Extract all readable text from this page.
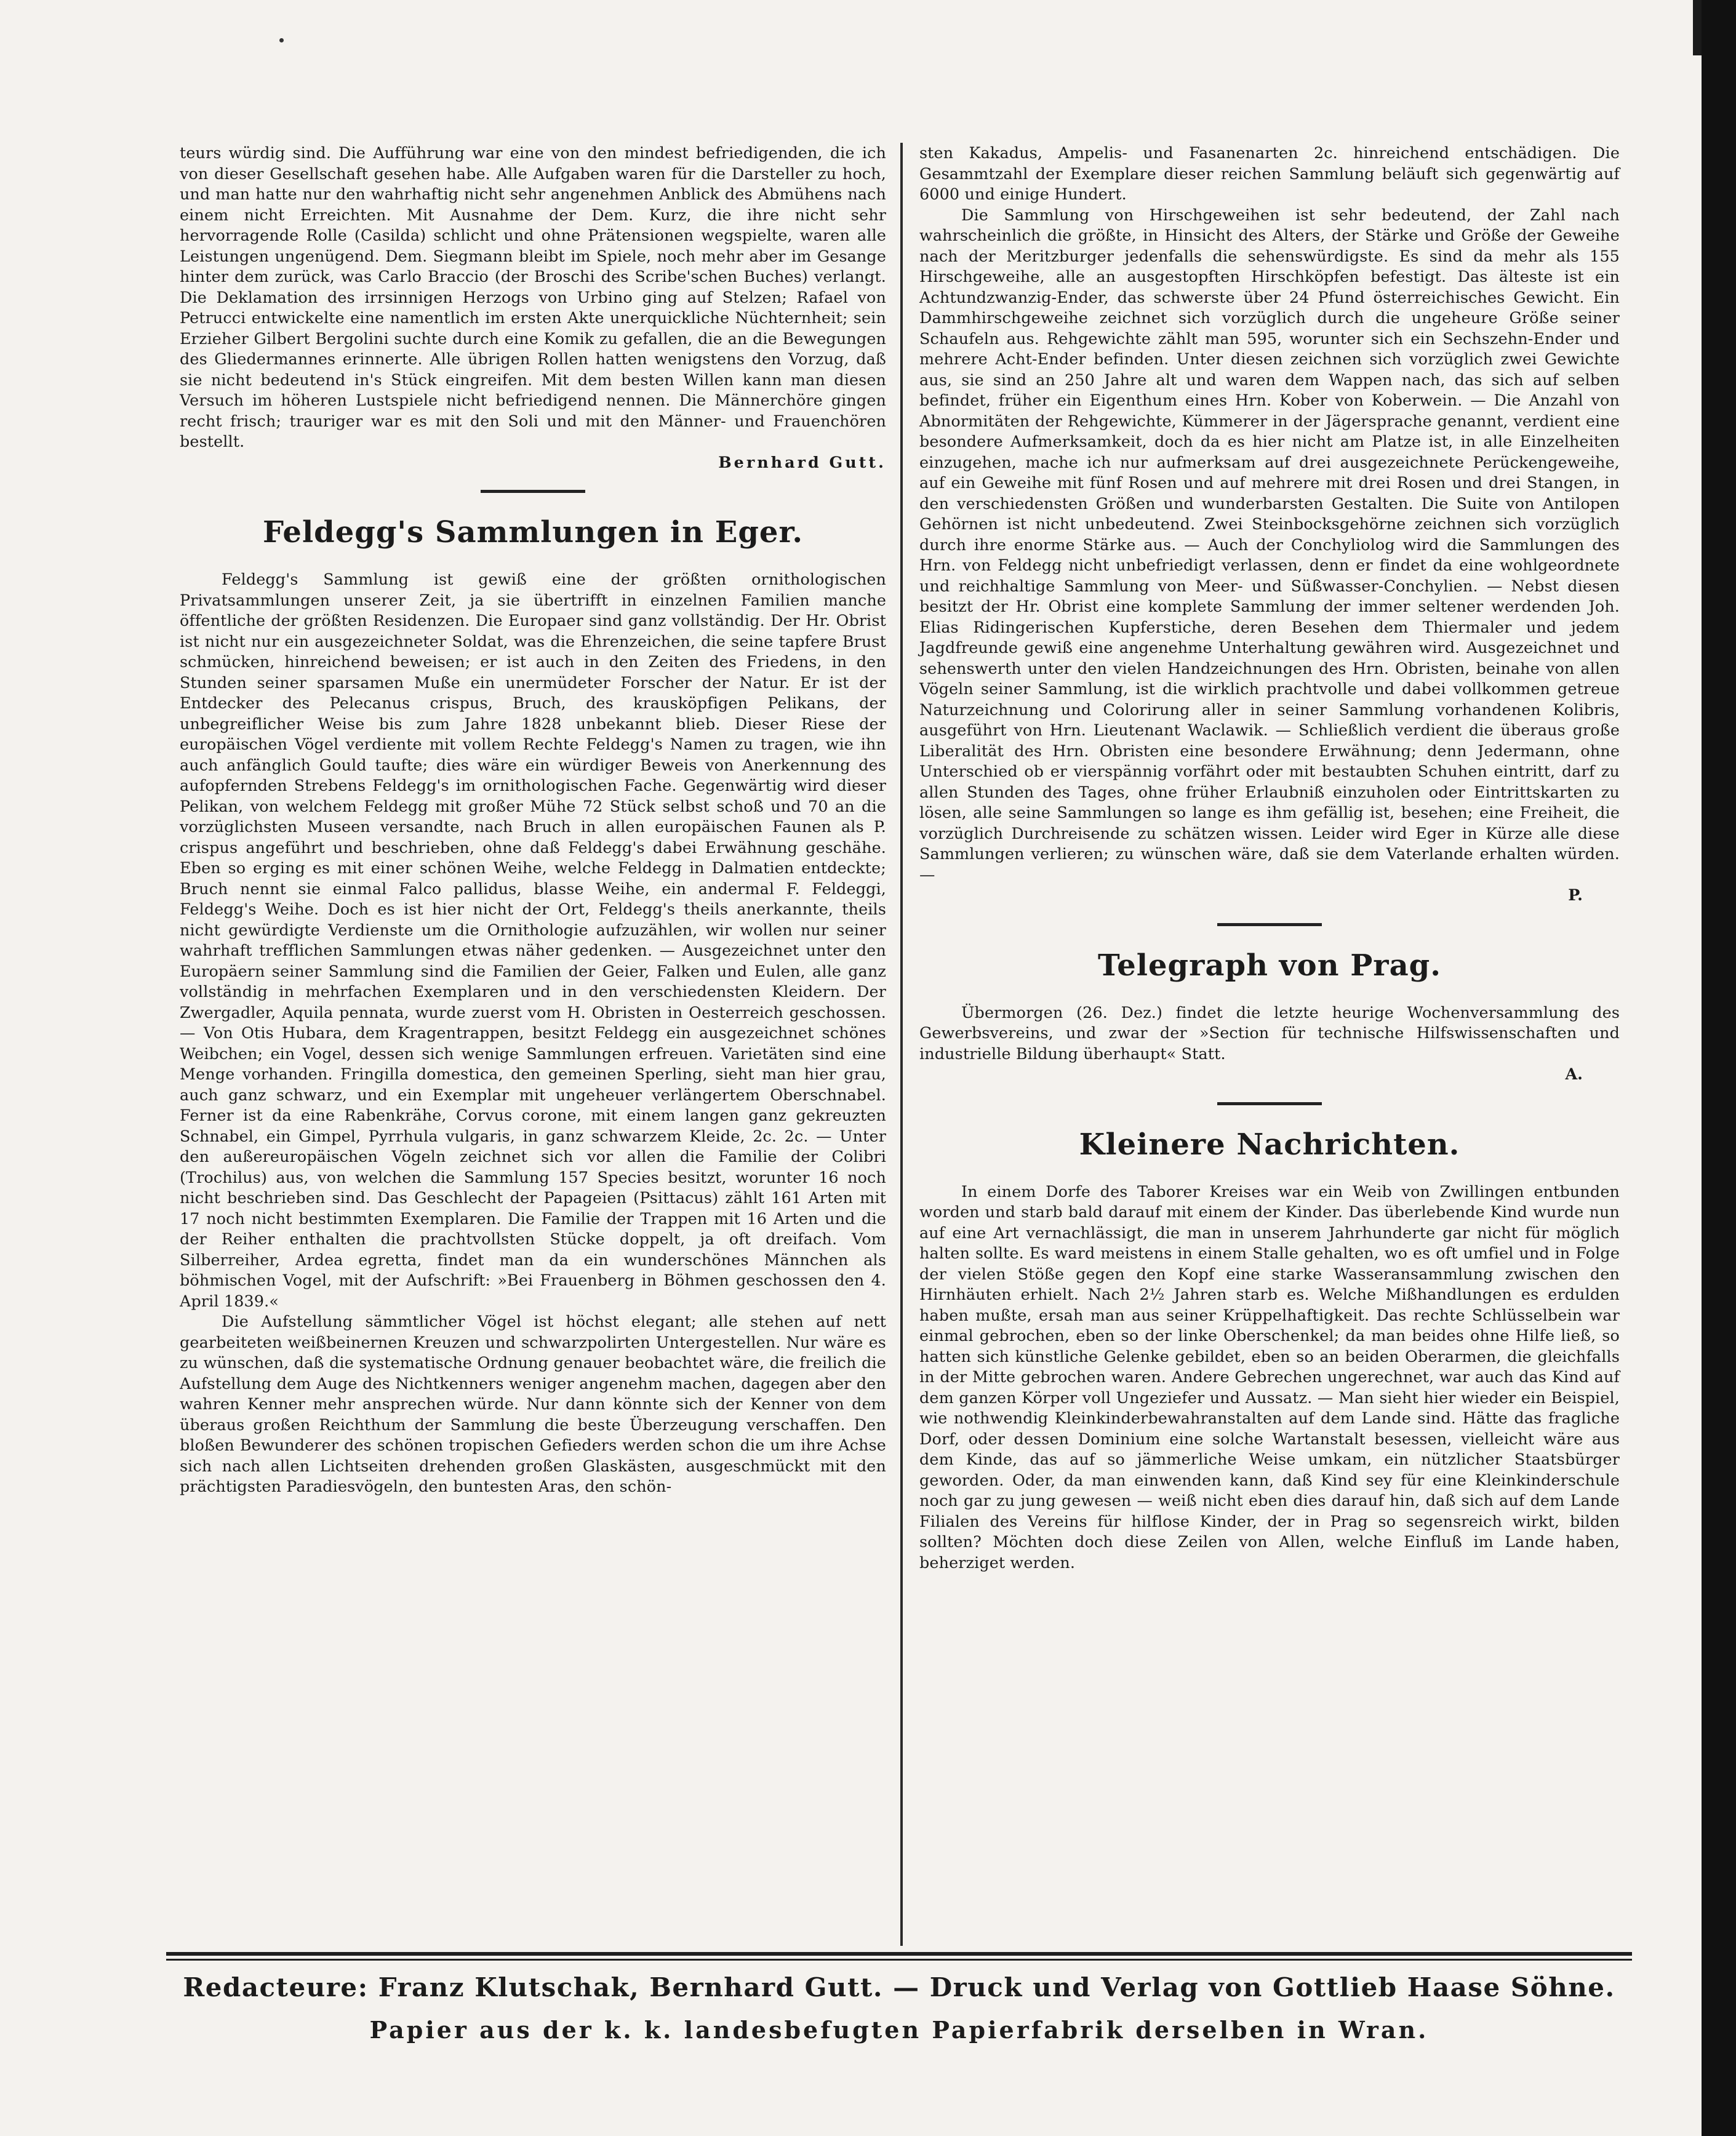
teurs würdig sind. Die Aufführung war eine von den mindest befriedigenden, die ich von dieser Gesellschaft gesehen habe. Alle Aufgaben waren für die Darsteller zu hoch, und man hatte nur den wahrhaftig nicht sehr angenehmen Anblick des Abmühens nach einem nicht Erreichten. Mit Ausnahme der Dem. Kurz, die ihre nicht sehr hervorragende Rolle (Casilda) schlicht und ohne Prätensionen wegspielte, waren alle Leistungen ungenügend. Dem. Siegmann bleibt im Spiele, noch mehr aber im Gesange hinter dem zurück, was Carlo Braccio (der Broschi des Scribe'schen Buches) verlangt. Die Deklamation des irrsinnigen Herzogs von Urbino ging auf Stelzen; Rafael von Petrucci entwickelte eine namentlich im ersten Akte unerquickliche Nüchternheit; sein Erzieher Gilbert Bergolini suchte durch eine Komik zu gefallen, die an die Bewegungen des Gliedermannes erinnerte. Alle übrigen Rollen hatten wenigstens den Vorzug, daß sie nicht bedeutend in's Stück eingreifen. Mit dem besten Willen kann man diesen Versuch im höheren Lustspiele nicht befriedigend nennen. Die Männerchöre gingen recht frisch; trauriger war es mit den Soli und mit den Männer- und Frauenchören bestellt.

Bernhard Gutt.

Feldegg's Sammlungen in Eger.

Feldegg's Sammlung ist gewiß eine der größten ornithologischen Privatsammlungen unserer Zeit, ja sie übertrifft in einzelnen Familien manche öffentliche der größten Residenzen. Die Europaer sind ganz vollständig. Der Hr. Obrist ist nicht nur ein ausgezeichneter Soldat, was die Ehrenzeichen, die seine tapfere Brust schmücken, hinreichend beweisen; er ist auch in den Zeiten des Friedens, in den Stunden seiner sparsamen Muße ein unermüdeter Forscher der Natur. Er ist der Entdecker des Pelecanus crispus, Bruch, des krausköpfigen Pelikans, der unbegreiflicher Weise bis zum Jahre 1828 unbekannt blieb. Dieser Riese der europäischen Vögel verdiente mit vollem Rechte Feldegg's Namen zu tragen, wie ihn auch anfänglich Gould taufte; dies wäre ein würdiger Beweis von Anerkennung des aufopfernden Strebens Feldegg's im ornithologischen Fache. Gegenwärtig wird dieser Pelikan, von welchem Feldegg mit großer Mühe 72 Stück selbst schoß und 70 an die vorzüglichsten Museen versandte, nach Bruch in allen europäischen Faunen als P. crispus angeführt und beschrieben, ohne daß Feldegg's dabei Erwähnung geschähe. Eben so erging es mit einer schönen Weihe, welche Feldegg in Dalmatien entdeckte; Bruch nennt sie einmal Falco pallidus, blasse Weihe, ein andermal F. Feldeggi, Feldegg's Weihe. Doch es ist hier nicht der Ort, Feldegg's theils anerkannte, theils nicht gewürdigte Verdienste um die Ornithologie aufzuzählen, wir wollen nur seiner wahrhaft trefflichen Sammlungen etwas näher gedenken. — Ausgezeichnet unter den Europäern seiner Sammlung sind die Familien der Geier, Falken und Eulen, alle ganz vollständig in mehrfachen Exemplaren und in den verschiedensten Kleidern. Der Zwergadler, Aquila pennata, wurde zuerst vom H. Obristen in Oesterreich geschossen. — Von Otis Hubara, dem Kragentrappen, besitzt Feldegg ein ausgezeichnet schönes Weibchen; ein Vogel, dessen sich wenige Sammlungen erfreuen. Varietäten sind eine Menge vorhanden. Fringilla domestica, den gemeinen Sperling, sieht man hier grau, auch ganz schwarz, und ein Exemplar mit ungeheuer verlängertem Oberschnabel. Ferner ist da eine Rabenkrähe, Corvus corone, mit einem langen ganz gekreuzten Schnabel, ein Gimpel, Pyrrhula vulgaris, in ganz schwarzem Kleide, 2c. 2c. — Unter den außereuropäischen Vögeln zeichnet sich vor allen die Familie der Colibri (Trochilus) aus, von welchen die Sammlung 157 Species besitzt, worunter 16 noch nicht beschrieben sind. Das Geschlecht der Papageien (Psittacus) zählt 161 Arten mit 17 noch nicht bestimmten Exemplaren. Die Familie der Trappen mit 16 Arten und die der Reiher enthalten die prachtvollsten Stücke doppelt, ja oft dreifach. Vom Silberreiher, Ardea egretta, findet man da ein wunderschönes Männchen als böhmischen Vogel, mit der Aufschrift: »Bei Frauenberg in Böhmen geschossen den 4. April 1839.«

Die Aufstellung sämmtlicher Vögel ist höchst elegant; alle stehen auf nett gearbeiteten weißbeinernen Kreuzen und schwarzpolirten Untergestellen. Nur wäre es zu wünschen, daß die systematische Ordnung genauer beobachtet wäre, die freilich die Aufstellung dem Auge des Nichtkenners weniger angenehm machen, dagegen aber den wahren Kenner mehr ansprechen würde. Nur dann könnte sich der Kenner von dem überaus großen Reichthum der Sammlung die beste Überzeugung verschaffen. Den bloßen Bewunderer des schönen tropischen Gefieders werden schon die um ihre Achse sich nach allen Lichtseiten drehenden großen Glaskästen, ausgeschmückt mit den prächtigsten Paradiesvögeln, den buntesten Aras, den schön-

sten Kakadus, Ampelis- und Fasanenarten 2c. hinreichend entschädigen. Die Gesammtzahl der Exemplare dieser reichen Sammlung beläuft sich gegenwärtig auf 6000 und einige Hundert.

Die Sammlung von Hirschgeweihen ist sehr bedeutend, der Zahl nach wahrscheinlich die größte, in Hinsicht des Alters, der Stärke und Größe der Geweihe nach der Meritzburger jedenfalls die sehenswürdigste. Es sind da mehr als 155 Hirschgeweihe, alle an ausgestopften Hirschköpfen befestigt. Das älteste ist ein Achtundzwanzig-Ender, das schwerste über 24 Pfund österreichisches Gewicht. Ein Dammhirschgeweihe zeichnet sich vorzüglich durch die ungeheure Größe seiner Schaufeln aus. Rehgewichte zählt man 595, worunter sich ein Sechszehn-Ender und mehrere Acht-Ender befinden. Unter diesen zeichnen sich vorzüglich zwei Gewichte aus, sie sind an 250 Jahre alt und waren dem Wappen nach, das sich auf selben befindet, früher ein Eigenthum eines Hrn. Kober von Koberwein. — Die Anzahl von Abnormitäten der Rehgewichte, Kümmerer in der Jägersprache genannt, verdient eine besondere Aufmerksamkeit, doch da es hier nicht am Platze ist, in alle Einzelheiten einzugehen, mache ich nur aufmerksam auf drei ausgezeichnete Perückengeweihe, auf ein Geweihe mit fünf Rosen und auf mehrere mit drei Rosen und drei Stangen, in den verschiedensten Größen und wunderbarsten Gestalten. Die Suite von Antilopen Gehörnen ist nicht unbedeutend. Zwei Steinbocksgehörne zeichnen sich vorzüglich durch ihre enorme Stärke aus. — Auch der Conchyliolog wird die Sammlungen des Hrn. von Feldegg nicht unbefriedigt verlassen, denn er findet da eine wohlgeordnete und reichhaltige Sammlung von Meer- und Süßwasser-Conchylien. — Nebst diesen besitzt der Hr. Obrist eine komplete Sammlung der immer seltener werdenden Joh. Elias Ridingerischen Kupferstiche, deren Besehen dem Thiermaler und jedem Jagdfreunde gewiß eine angenehme Unterhaltung gewähren wird. Ausgezeichnet und sehenswerth unter den vielen Handzeichnungen des Hrn. Obristen, beinahe von allen Vögeln seiner Sammlung, ist die wirklich prachtvolle und dabei vollkommen getreue Naturzeichnung und Colorirung aller in seiner Sammlung vorhandenen Kolibris, ausgeführt von Hrn. Lieutenant Waclawik. — Schließlich verdient die überaus große Liberalität des Hrn. Obristen eine besondere Erwähnung; denn Jedermann, ohne Unterschied ob er vierspännig vorfährt oder mit bestaubten Schuhen eintritt, darf zu allen Stunden des Tages, ohne früher Erlaubniß einzuholen oder Eintrittskarten zu lösen, alle seine Sammlungen so lange es ihm gefällig ist, besehen; eine Freiheit, die vorzüglich Durchreisende zu schätzen wissen. Leider wird Eger in Kürze alle diese Sammlungen verlieren; zu wünschen wäre, daß sie dem Vaterlande erhalten würden. —

P.

Telegraph von Prag.

Übermorgen (26. Dez.) findet die letzte heurige Wochenversammlung des Gewerbsvereins, und zwar der »Section für technische Hilfswissenschaften und industrielle Bildung überhaupt« Statt.

A.

Kleinere Nachrichten.

In einem Dorfe des Taborer Kreises war ein Weib von Zwillingen entbunden worden und starb bald darauf mit einem der Kinder. Das überlebende Kind wurde nun auf eine Art vernachlässigt, die man in unserem Jahrhunderte gar nicht für möglich halten sollte. Es ward meistens in einem Stalle gehalten, wo es oft umfiel und in Folge der vielen Stöße gegen den Kopf eine starke Wasseransammlung zwischen den Hirnhäuten erhielt. Nach 2½ Jahren starb es. Welche Mißhandlungen es erdulden haben mußte, ersah man aus seiner Krüppelhaftigkeit. Das rechte Schlüsselbein war einmal gebrochen, eben so der linke Oberschenkel; da man beides ohne Hilfe ließ, so hatten sich künstliche Gelenke gebildet, eben so an beiden Oberarmen, die gleichfalls in der Mitte gebrochen waren. Andere Gebrechen ungerechnet, war auch das Kind auf dem ganzen Körper voll Ungeziefer und Aussatz. — Man sieht hier wieder ein Beispiel, wie nothwendig Kleinkinderbewahranstalten auf dem Lande sind. Hätte das fragliche Dorf, oder dessen Dominium eine solche Wartanstalt besessen, vielleicht wäre aus dem Kinde, das auf so jämmerliche Weise umkam, ein nützlicher Staatsbürger geworden. Oder, da man einwenden kann, daß Kind sey für eine Kleinkinderschule noch gar zu jung gewesen — weiß nicht eben dies darauf hin, daß sich auf dem Lande Filialen des Vereins für hilflose Kinder, der in Prag so segensreich wirkt, bilden sollten? Möchten doch diese Zeilen von Allen, welche Einfluß im Lande haben, beherziget werden.

Redacteure: Franz Klutschak, Bernhard Gutt. — Druck und Verlag von Gottlieb Haase Söhne.
Papier aus der k. k. landesbefugten Papierfabrik derselben in Wran.
